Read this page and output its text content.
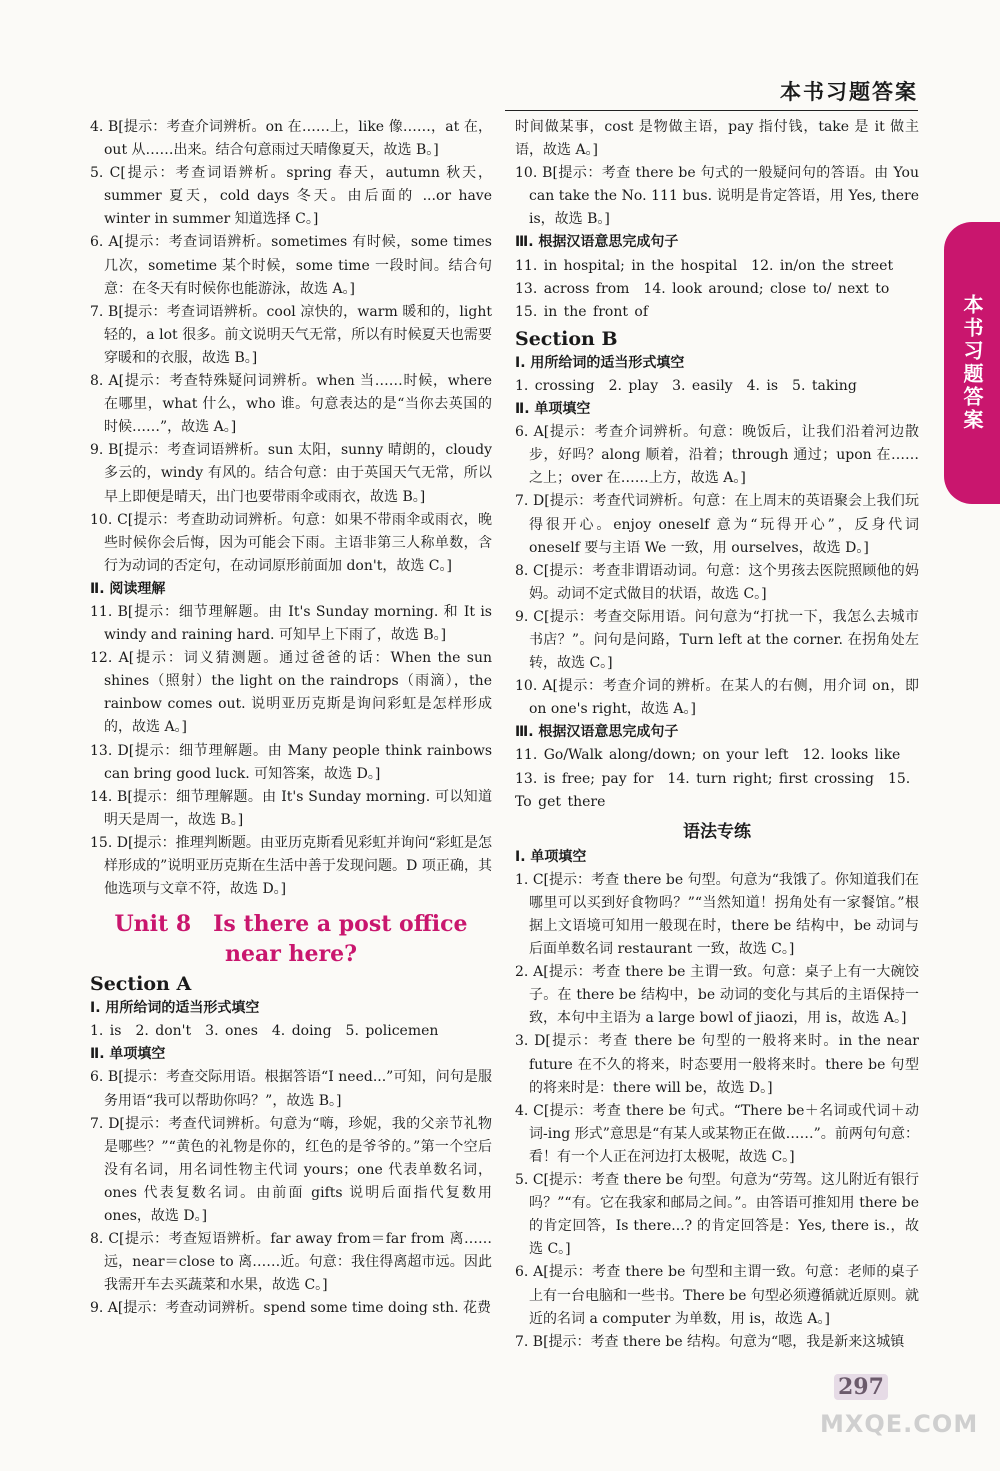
本书习题答案
本书习题答案

4. B[提示：考查介词辨析。on 在……上，like 像……，at 在，out 从……出来。结合句意雨过天晴像夏天，故选 B。]

5. C[提示：考查词语辨析。spring 春天，autumn 秋天，summer 夏天，cold days 冬天。由后面的 ...or have winter in summer 知道选择 C。]

6. A[提示：考查词语辨析。sometimes 有时候，some times 几次，sometime 某个时候，some time 一段时间。结合句意：在冬天有时候你也能游泳，故选 A。]

7. B[提示：考查词语辨析。cool 凉快的，warm 暖和的，light 轻的，a lot 很多。前文说明天气无常，所以有时候夏天也需要穿暖和的衣服，故选 B。]

8. A[提示：考查特殊疑问词辨析。when 当……时候，where 在哪里，what 什么，who 谁。句意表达的是“当你去英国的时候……”，故选 A。]

9. B[提示：考查词语辨析。sun 太阳，sunny 晴朗的，cloudy 多云的，windy 有风的。结合句意：由于英国天气无常，所以早上即便是晴天，出门也要带雨伞或雨衣，故选 B。]

10. C[提示：考查助动词辨析。句意：如果不带雨伞或雨衣，晚些时候你会后悔，因为可能会下雨。主语非第三人称单数，含行为动词的否定句，在动词原形前面加 don't，故选 C。]

Ⅱ. 阅读理解

11. B[提示：细节理解题。由 It's Sunday morning. 和 It is windy and raining hard. 可知早上下雨了，故选 B。]

12. A[提示：词义猜测题。通过爸爸的话：When the sun shines（照射）the light on the raindrops（雨滴），the rainbow comes out. 说明亚历克斯是询问彩虹是怎样形成的，故选 A。]

13. D[提示：细节理解题。由 Many people think rainbows can bring good luck. 可知答案，故选 D。]

14. B[提示：细节理解题。由 It's Sunday morning. 可以知道明天是周一，故选 B。]

15. D[提示：推理判断题。由亚历克斯看见彩虹并询问“彩虹是怎样形成的”说明亚历克斯在生活中善于发现问题。D 项正确，其他选项与文章不符，故选 D。]

Unit 8　Is there a post office near here?

Section A

Ⅰ. 用所给词的适当形式填空

1. is　2. don't　3. ones　4. doing　5. policemen

Ⅱ. 单项填空

6. B[提示：考查交际用语。根据答语“I need...”可知，问句是服务用语“我可以帮助你吗？”，故选 B。]

7. D[提示：考查代词辨析。句意为“嗨，珍妮，我的父亲节礼物是哪些？”“黄色的礼物是你的，红色的是爷爷的。”第一个空后没有名词，用名词性物主代词 yours；one 代表单数名词，ones 代表复数名词。由前面 gifts 说明后面指代复数用 ones，故选 D。]

8. C[提示：考查短语辨析。far away from＝far from 离……远，near＝close to 离……近。句意：我住得离超市远。因此我需开车去买蔬菜和水果，故选 C。]

9. A[提示：考查动词辨析。spend some time doing sth. 花费

时间做某事，cost 是物做主语，pay 指付钱，take 是 it 做主语，故选 A。]

10. B[提示：考查 there be 句式的一般疑问句的答语。由 You can take the No. 111 bus. 说明是肯定答语，用 Yes, there is，故选 B。]

Ⅲ. 根据汉语意思完成句子

11. in hospital; in the hospital　12. in/on the street　13. across from　14. look around; close to/ next to　15. in the front of

Section B

Ⅰ. 用所给词的适当形式填空

1. crossing　2. play　3. easily　4. is　5. taking

Ⅱ. 单项填空

6. A[提示：考查介词辨析。句意：晚饭后，让我们沿着河边散步，好吗？along 顺着，沿着；through 通过；upon 在……之上；over 在……上方，故选 A。]

7. D[提示：考查代词辨析。句意：在上周末的英语聚会上我们玩得很开心。enjoy oneself 意为“玩得开心”，反身代词 oneself 要与主语 We 一致，用 ourselves，故选 D。]

8. C[提示：考查非谓语动词。句意：这个男孩去医院照顾他的妈妈。动词不定式做目的状语，故选 C。]

9. C[提示：考查交际用语。问句意为“打扰一下，我怎么去城市书店？”。问句是问路，Turn left at the corner. 在拐角处左转，故选 C。]

10. A[提示：考查介词的辨析。在某人的右侧，用介词 on，即 on one's right，故选 A。]

Ⅲ. 根据汉语意思完成句子

11. Go/Walk along/down; on your left　12. looks like　13. is free; pay for　14. turn right; first crossing　15. To get there

语法专练

Ⅰ. 单项填空

1. C[提示：考查 there be 句型。句意为“我饿了。你知道我们在哪里可以买到好食物吗？”“当然知道！拐角处有一家餐馆。”根据上文语境可知用一般现在时，there be 结构中，be 动词与后面单数名词 restaurant 一致，故选 C。]

2. A[提示：考查 there be 主谓一致。句意：桌子上有一大碗饺子。在 there be 结构中，be 动词的变化与其后的主语保持一致，本句中主语为 a large bowl of jiaozi，用 is，故选 A。]

3. D[提示：考查 there be 句型的一般将来时。in the near future 在不久的将来，时态要用一般将来时。there be 句型的将来时是：there will be，故选 D。]

4. C[提示：考查 there be 句式。“There be＋名词或代词＋动词-ing 形式”意思是“有某人或某物正在做……”。前两句句意：看！有一个人正在河边打太极呢，故选 C。]

5. C[提示：考查 there be 句型。句意为“劳驾。这儿附近有银行吗？”“有。它在我家和邮局之间。”。由答语可推知用 there be 的肯定回答，Is there...? 的肯定回答是：Yes, there is.，故选 C。]

6. A[提示：考查 there be 句型和主谓一致。句意：老师的桌子上有一台电脑和一些书。There be 句型必须遵循就近原则。就近的名词 a computer 为单数，用 is，故选 A。]

7. B[提示：考查 there be 结构。句意为“嗯，我是新来这城镇

297
MXQE.COM
